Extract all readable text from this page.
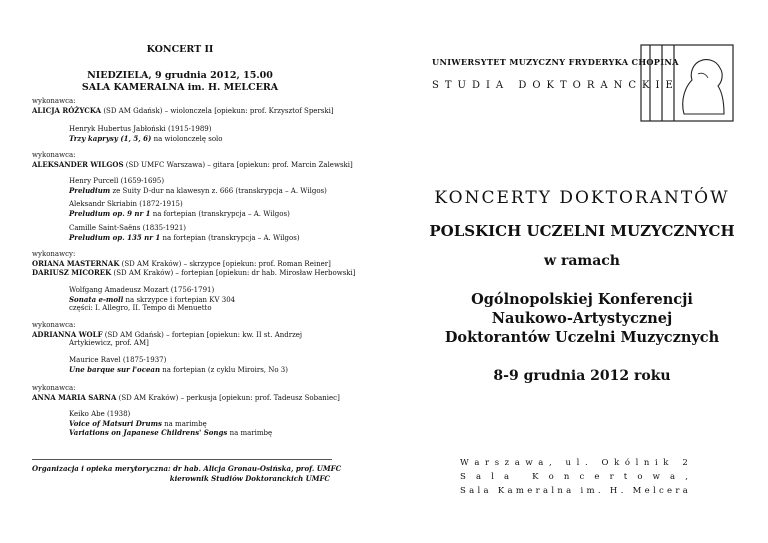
KONCERT II
NIEDZIELA, 9 grudnia 2012, 15.00
SALA KAMERALNA im. H. MELCERA
wykonawca:
ALICJA RÓŻYCKA (SD AM Gdańsk) – wiolonczela [opiekun: prof. Krzysztof Sperski]
Henryk Hubertus Jabłoński (1915-1989)
Trzy kaprysy (1, 5, 6) na wiolonczelę solo
wykonawca:
ALEKSANDER WILGOS (SD UMFC Warszawa) – gitara [opiekun: prof. Marcin Zalewski]
Henry Purcell (1659-1695)
Preludium ze Suity D-dur na klawesyn z. 666 (transkrypcja – A. Wilgos)
Aleksandr Skriabin (1872-1915)
Preludium op. 9 nr 1 na fortepian (transkrypcja – A. Wilgos)
Camille Saint-Saëns (1835-1921)
Preludium op. 135 nr 1 na fortepian (transkrypcja – A. Wilgos)
wykonawcy:
ORIANA MASTERNAK (SD AM Kraków) – skrzypce [opiekun: prof. Roman Reiner]
DARIUSZ MICOREK (SD AM Kraków) – fortepian [opiekun: dr hab. Mirosław Herbowski]
Wolfgang Amadeusz Mozart (1756-1791)
Sonata e-moll na skrzypce i fortepian KV 304
części: I. Allegro, II. Tempo di Menuetto
wykonawca:
ADRIANNA WOLF (SD AM Gdańsk) – fortepian [opiekun: kw. II st. Andrzej
Artykiewicz, prof. AM]
Maurice Ravel (1875-1937)
Une barque sur l'ocean na fortepian (z cyklu Miroirs, No 3)
wykonawca:
ANNA MARIA SARNA (SD AM Kraków) – perkusja [opiekun: prof. Tadeusz Sobaniec]
Keiko Abe (1938)
Voice of Matsuri Drums na marimbę
Variations on Japanese Childrens' Songs na marimbę
Organizacja i opieka merytoryczna: dr hab. Alicja Gronau-Osińska, prof. UMFC
kierownik Studiów Doktoranckich UMFC
UNIWERSYTET MUZYCZNY FRYDERYKA CHOPINA
STUDIA DOKTORANCKIE
KONCERTY DOKTORANTÓW
POLSKICH UCZELNI MUZYCZNYCH
w ramach
Ogólnopolskiej Konferencji
Naukowo-Artystycznej
Doktorantów Uczelni Muzycznych
8-9 grudnia 2012 roku
W a r s z a w a ,
u l .
O k ó l n i k
2
S a l a
	K o n c e r t o w a ,
S a l a
K a m e r a l n a
i m .
H .
M e l c e r a
